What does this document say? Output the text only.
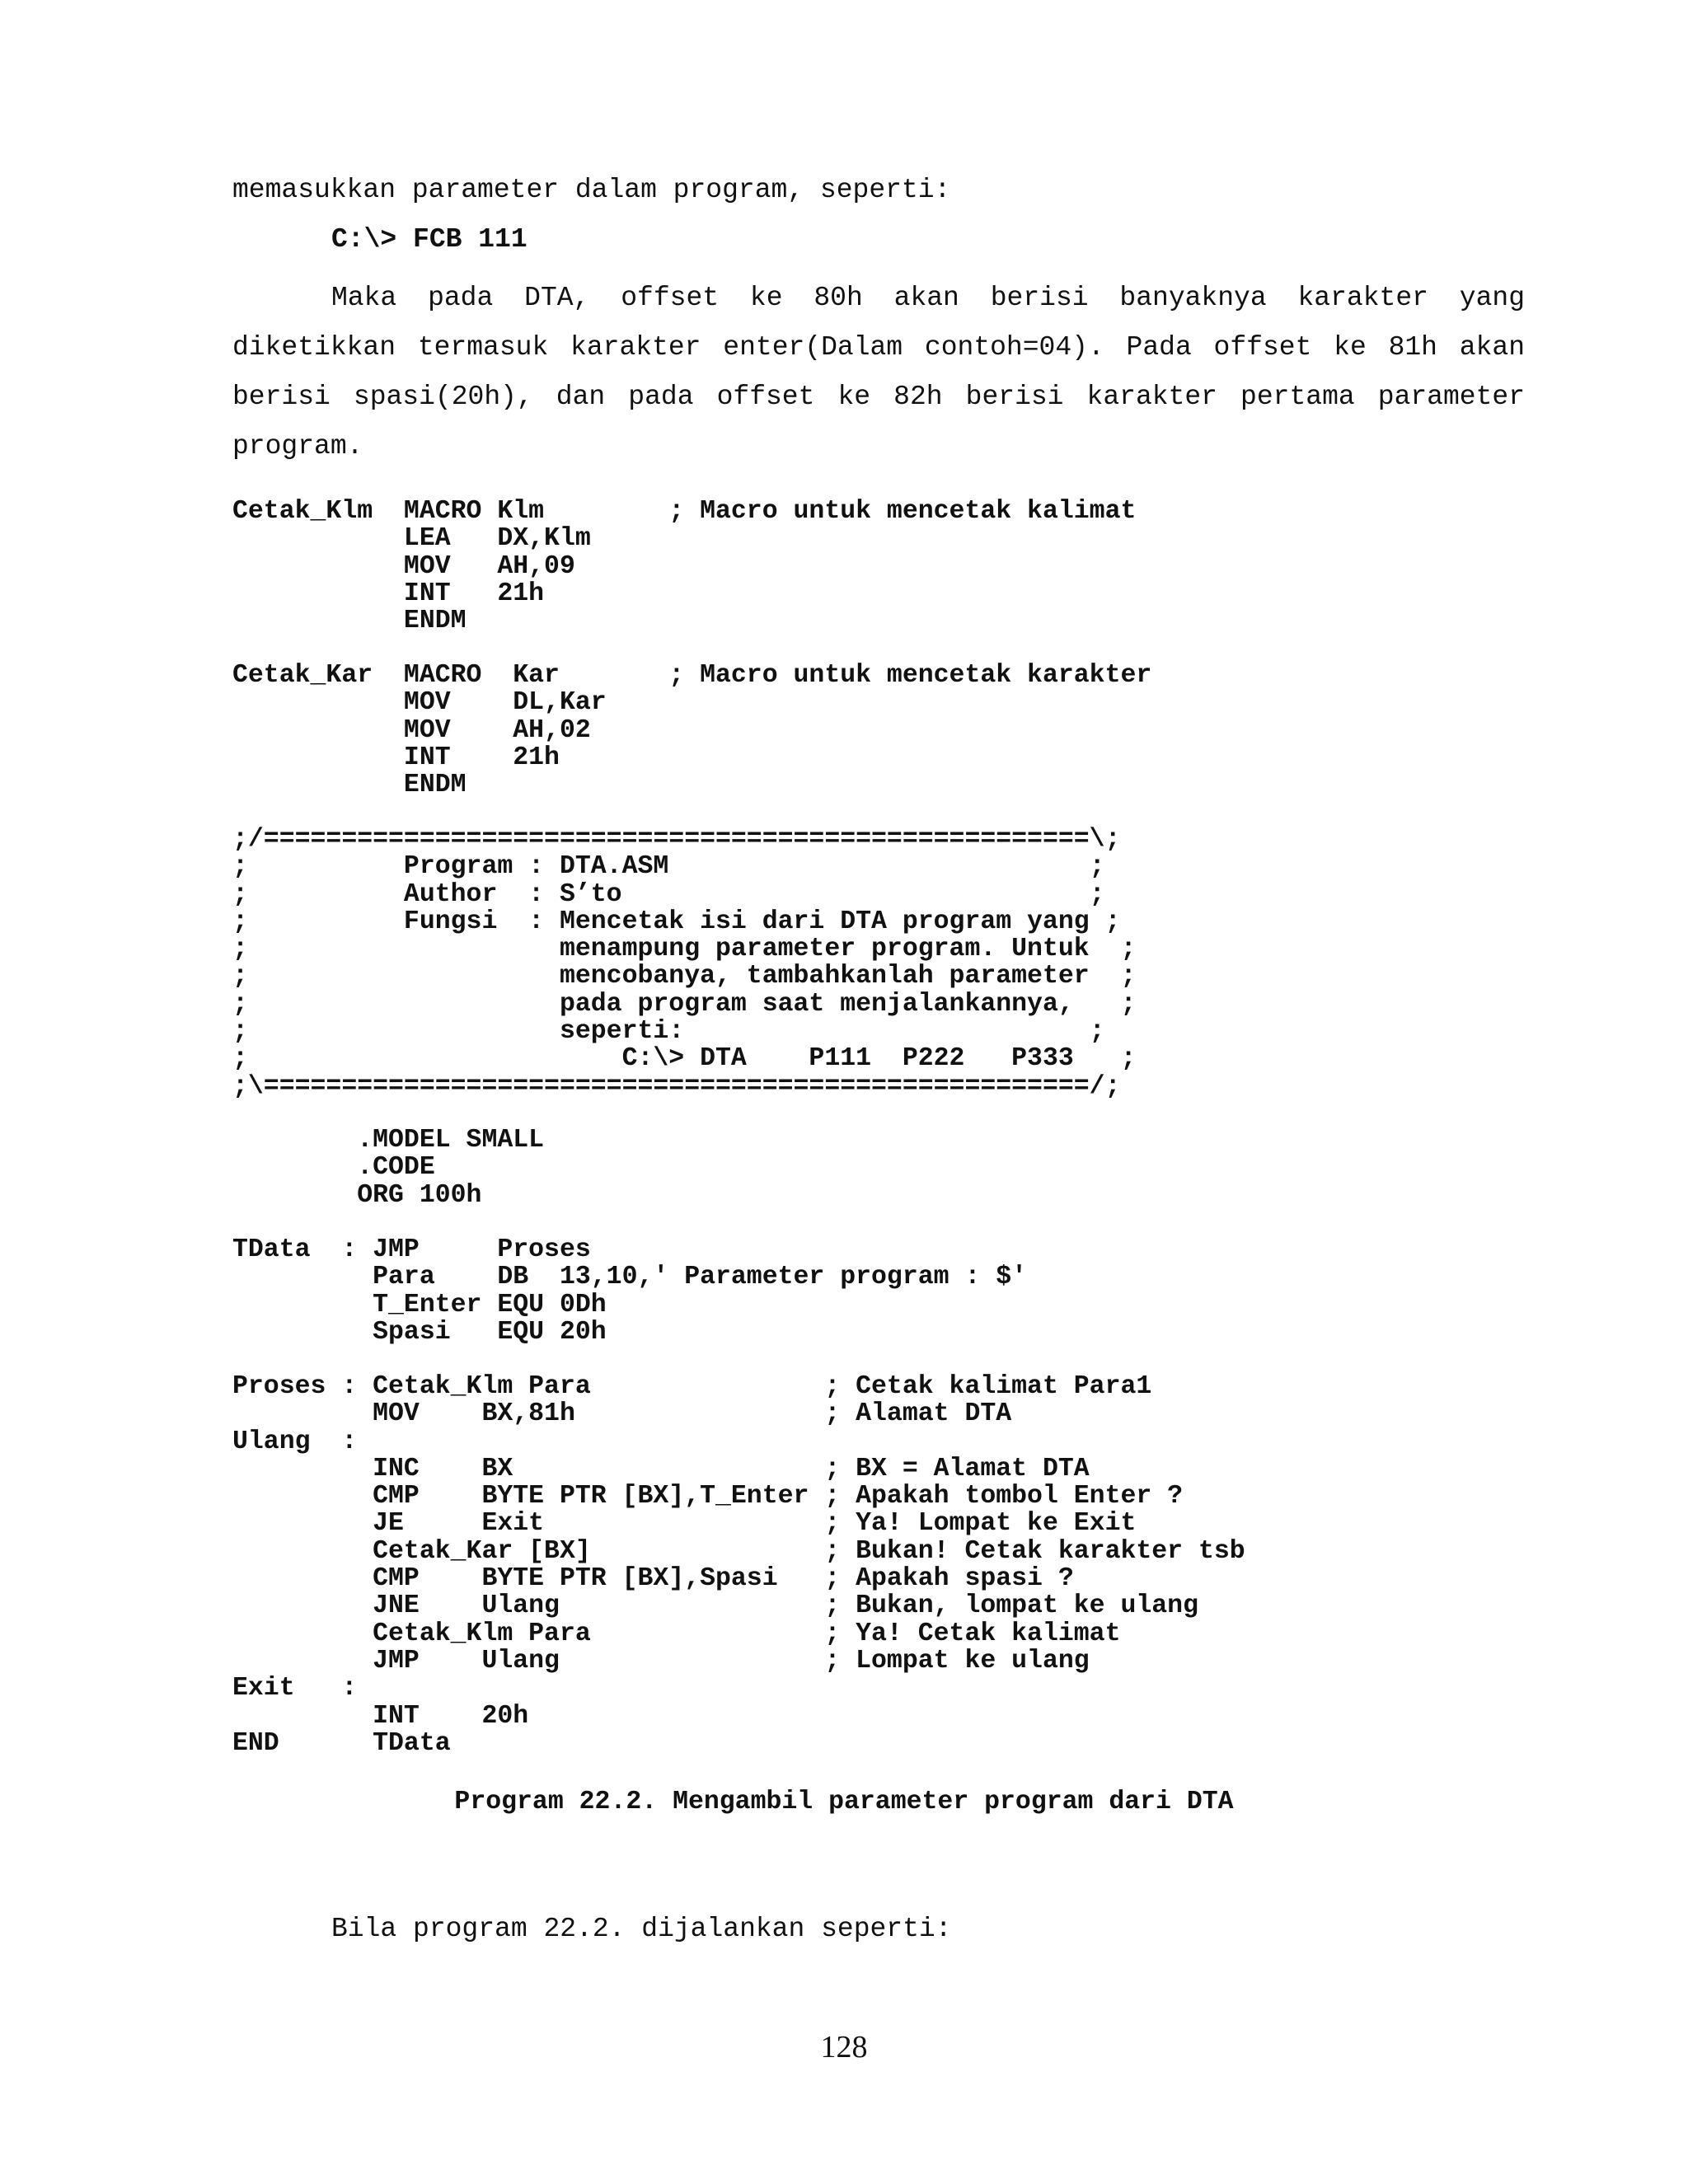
memasukkan parameter dalam program, seperti:
C:\> FCB 111
Maka pada DTA, offset ke 80h akan berisi banyaknya karakter yang diketikkan termasuk karakter enter(Dalam contoh=04). Pada offset ke 81h akan berisi spasi(20h), dan pada offset ke 82h berisi karakter pertama parameter program.
Cetak_Klm  MACRO Klm        ; Macro untuk mencetak kalimat
LEA   DX,Klm
MOV   AH,09
INT   21h
ENDM
Cetak_Kar  MACRO  Kar       ; Macro untuk mencetak karakter
MOV    DL,Kar
MOV    AH,02
INT    21h
ENDM
;/=====================================================\;
;          Program : DTA.ASM                           ;
;          Author  : S’to                              ;
;          Fungsi  : Mencetak isi dari DTA program yang ;
;                    menampung parameter program. Untuk  ;
;                    mencobanya, tambahkanlah parameter  ;
;                    pada program saat menjalankannya,   ;
;                    seperti:                          ;
;                        C:\> DTA    P111  P222   P333   ;
;\=====================================================/;
.MODEL SMALL
.CODE
ORG 100h
TData  : JMP     Proses
Para    DB  13,10,' Parameter program : $'
T_Enter EQU 0Dh
Spasi   EQU 20h
Proses : Cetak_Klm Para               ; Cetak kalimat Para1
MOV    BX,81h                ; Alamat DTA
Ulang  :
INC    BX                    ; BX = Alamat DTA
CMP    BYTE PTR [BX],T_Enter ; Apakah tombol Enter ?
JE     Exit                  ; Ya! Lompat ke Exit
Cetak_Kar [BX]               ; Bukan! Cetak karakter tsb
CMP    BYTE PTR [BX],Spasi   ; Apakah spasi ?
JNE    Ulang                 ; Bukan, lompat ke ulang
Cetak_Klm Para               ; Ya! Cetak kalimat
JMP    Ulang                 ; Lompat ke ulang
Exit   :
INT    20h
END      TData
Program 22.2. Mengambil parameter program dari DTA
Bila program 22.2. dijalankan seperti:
128
